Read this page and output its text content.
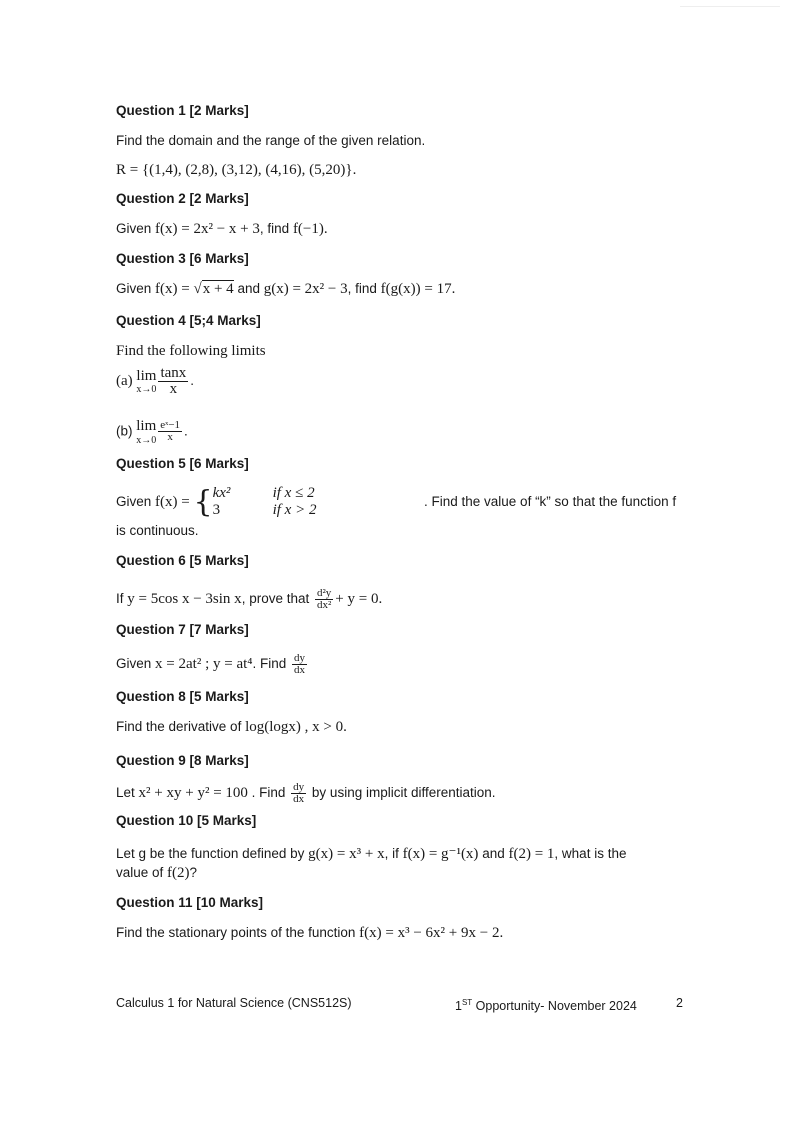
Question 1 [2 Marks]
Find the domain and the range of the given relation.
R = {(1,4), (2,8), (3,12), (4,16), (5,20)}.
Question 2 [2 Marks]
Given f(x) = 2x² − x + 3, find f(−1).
Question 3 [6 Marks]
Given f(x) = √x + 4 and g(x) = 2x² − 3, find f(g(x)) = 17.
Question 4 [5;4 Marks]
Find the following limits
(a) lim
$x\to 0 \frac{\tan x}{x}$ .
(b) lim
$x\to 0 \frac{\text{eˣ−1}}{x}$ .
Question 5 [6 Marks]
Given f(x) = {kx²	if x ≤ 2
3	if x > 2
. Find the value of “k” so that the function f
is continuous.
Question 6 [5 Marks]
If y = 5cos x − 3sin x, prove that $\frac{\text{d²y}}{\text{dx²}} + y = 0$.
Question 7 [7 Marks]
Given x = 2at² ; y = at⁴. Find $\frac{dy}{dx}$
Question 8 [5 Marks]
Find the derivative of log(logx) , x > 0.
Question 9 [8 Marks]
Let x² + xy + y² = 100 . Find $\frac{dy}{dx}$ by using implicit differentiation.
Question 10 [5 Marks]
Let g be the function defined by g(x) = x³ + x, if f(x) = g⁻¹(x) and f(2) = 1, what is the
value of f(2)?
Question 11 [10 Marks]
Find the stationary points of the function f(x) = x³ − 6x² + 9x − 2.
Calculus 1 for Natural Science (CNS512S)	1ST Opportunity- November 2024	2
